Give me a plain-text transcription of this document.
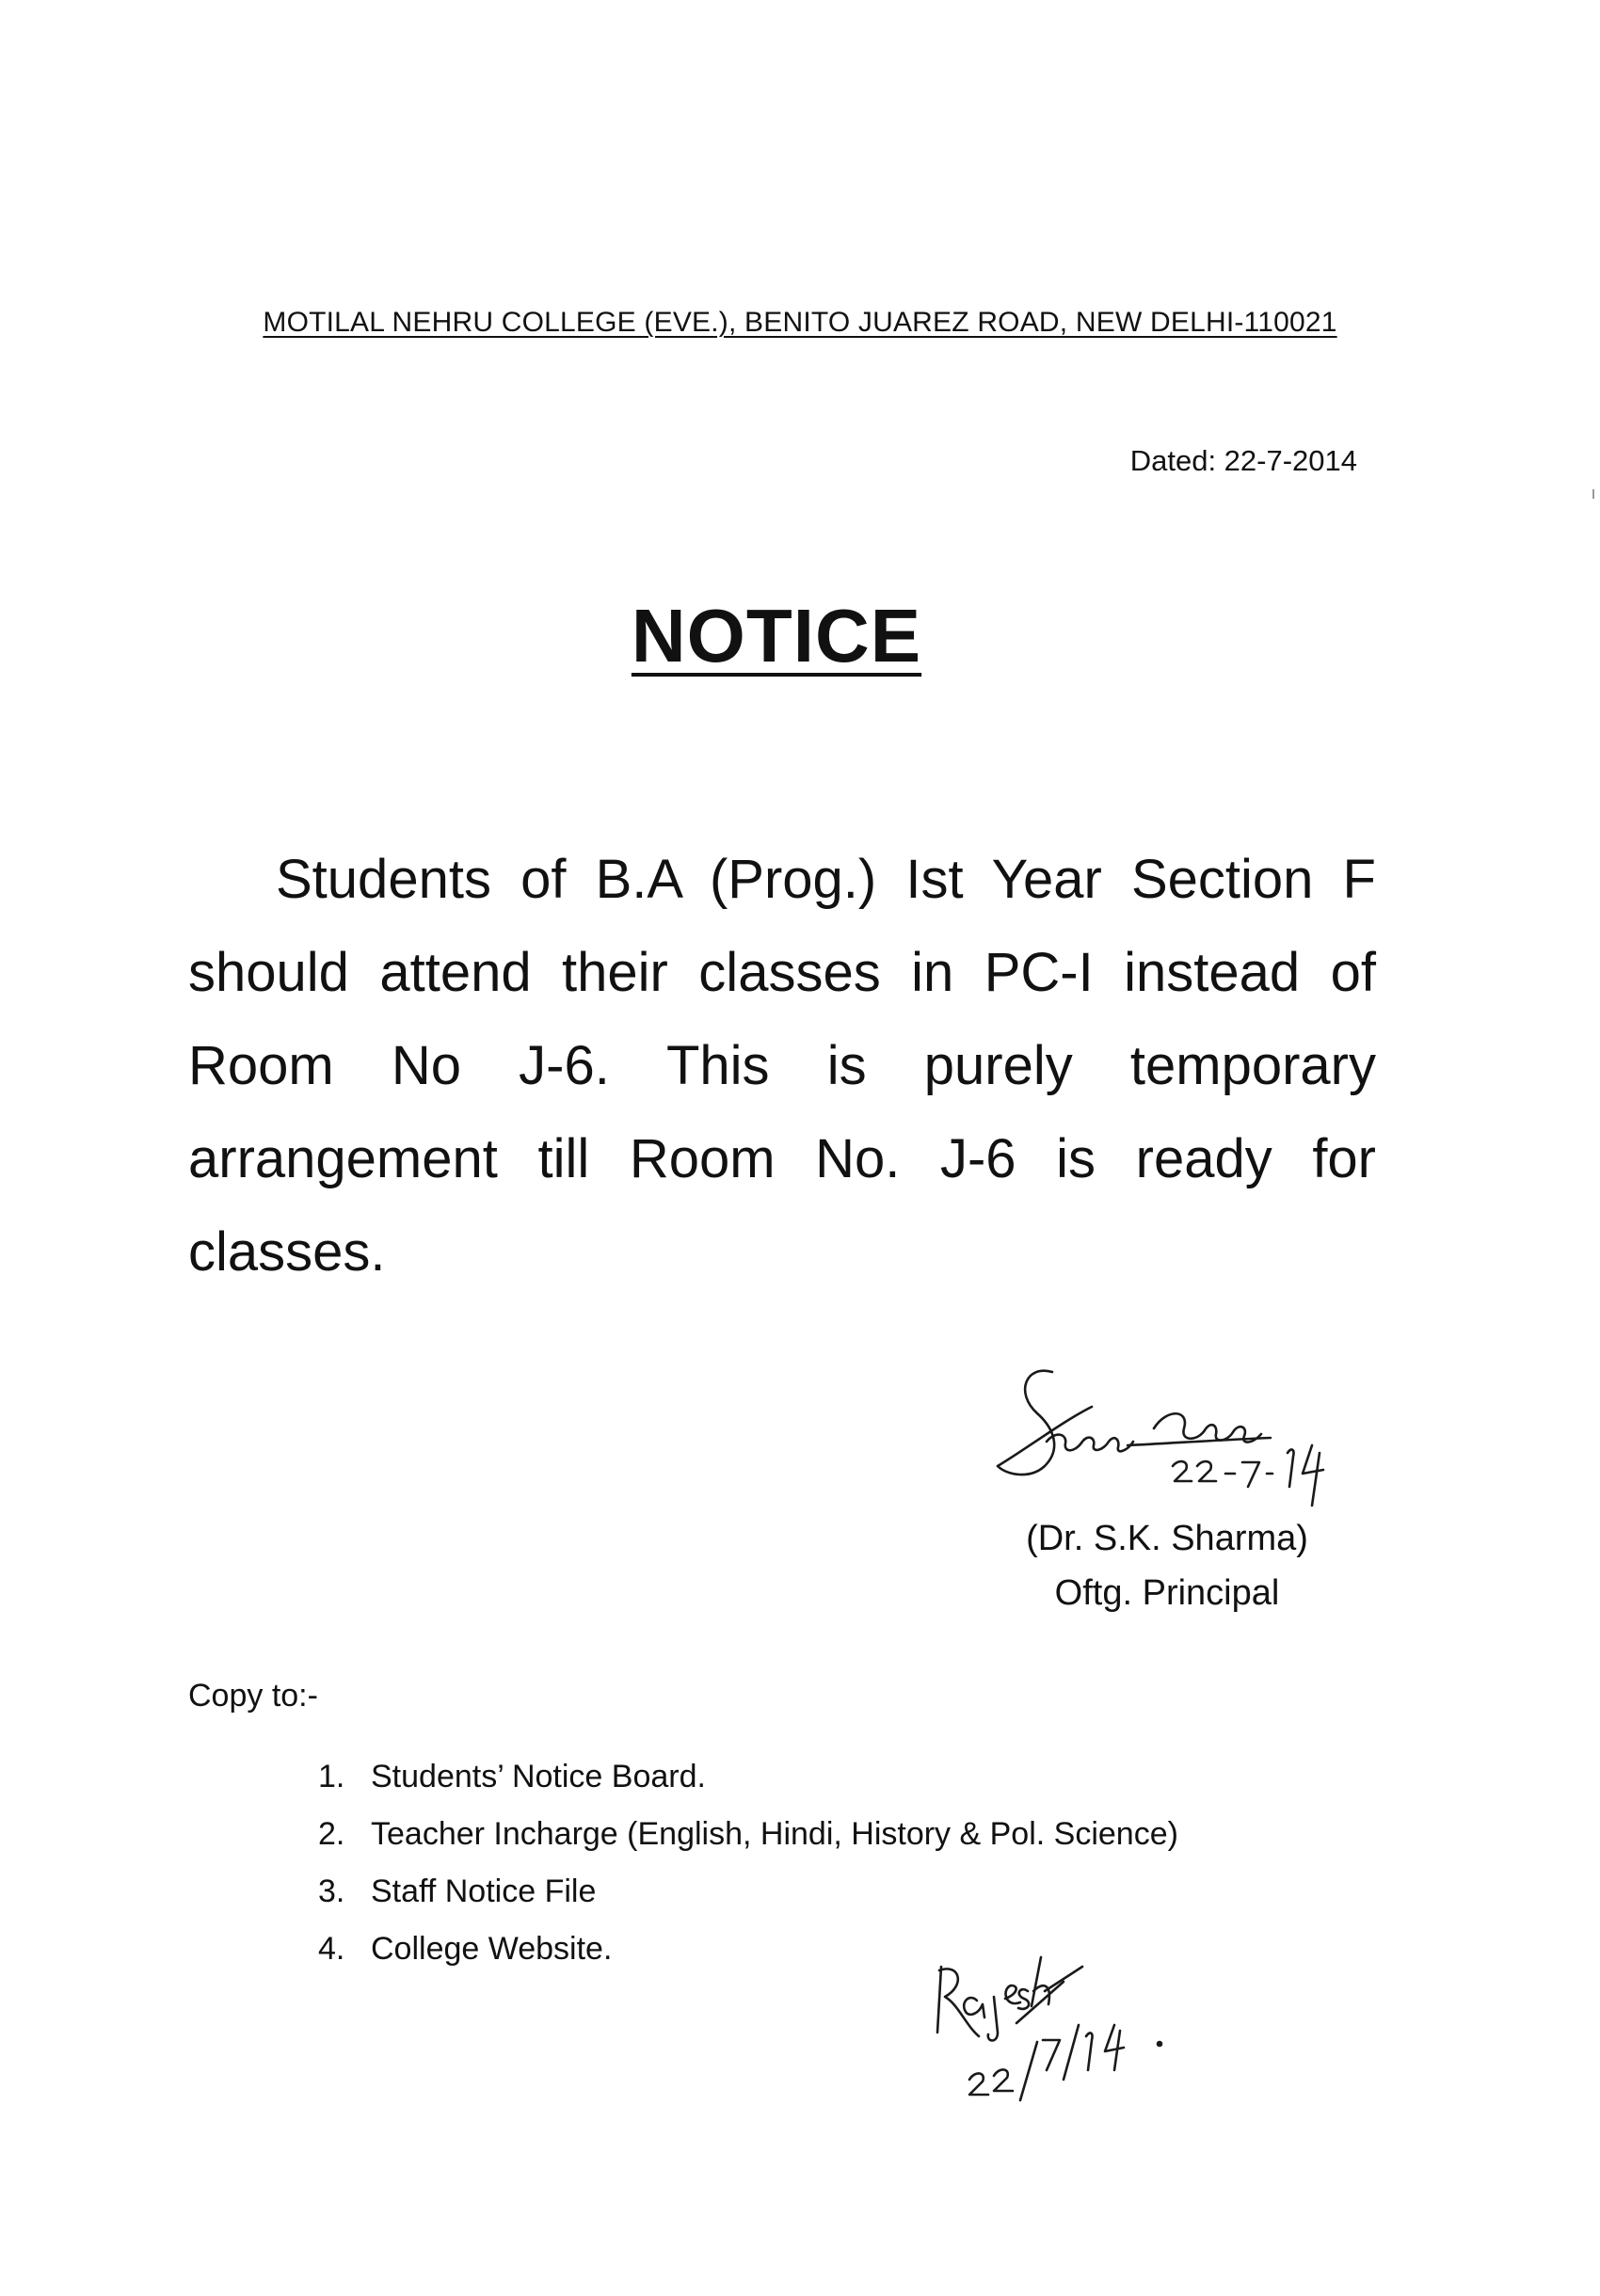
MOTILAL NEHRU COLLEGE (EVE.), BENITO JUAREZ ROAD, NEW DELHI-110021
Dated: 22-7-2014
NOTICE
Students of B.A (Prog.) Ist Year Section F should attend their classes in PC-I instead of Room No J-6. This is purely temporary arrangement till Room No. J-6 is ready for classes.
(Dr. S.K. Sharma)
Oftg. Principal
Copy to:-
1. Students’ Notice Board.
2. Teacher Incharge (English, Hindi, History & Pol. Science)
3. Staff Notice File
4. College Website.
